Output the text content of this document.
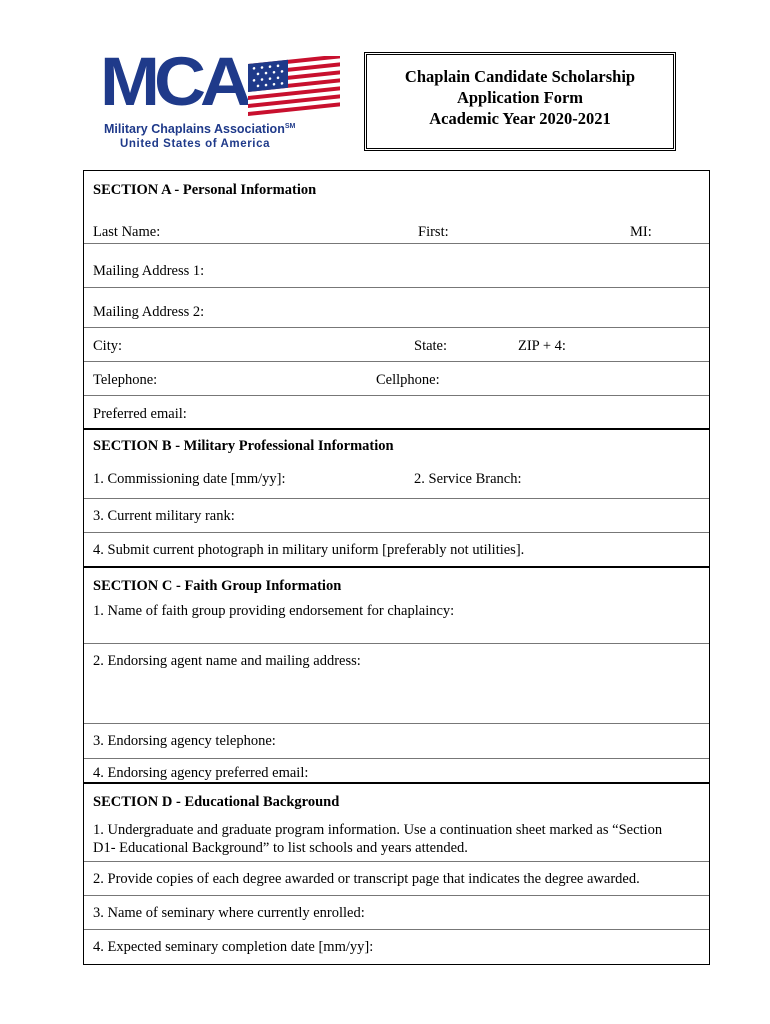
MCA
Military Chaplains Association℠
United States of America
Chaplain Candidate Scholarship
Application Form
Academic Year 2020-2021
SECTION A - Personal Information
Last Name:	First:	MI:
Mailing Address 1:
Mailing Address 2:
City:	State:	ZIP + 4:
Telephone:	Cellphone:
Preferred email:
SECTION B - Military Professional Information
1. Commissioning date [mm/yy]:	2. Service Branch:
3. Current military rank:
4. Submit current photograph in military uniform [preferably not utilities].
SECTION C - Faith Group Information
1. Name of faith group providing endorsement for chaplaincy:
2. Endorsing agent name and mailing address:
3. Endorsing agency telephone:
4. Endorsing agency preferred email:
SECTION D - Educational Background
1. Undergraduate and graduate program information. Use a continuation sheet marked as “Section D1- Educational Background” to list schools and years attended.
2. Provide copies of each degree awarded or transcript page that indicates the degree awarded.
3. Name of seminary where currently enrolled:
4. Expected seminary completion date [mm/yy]:
